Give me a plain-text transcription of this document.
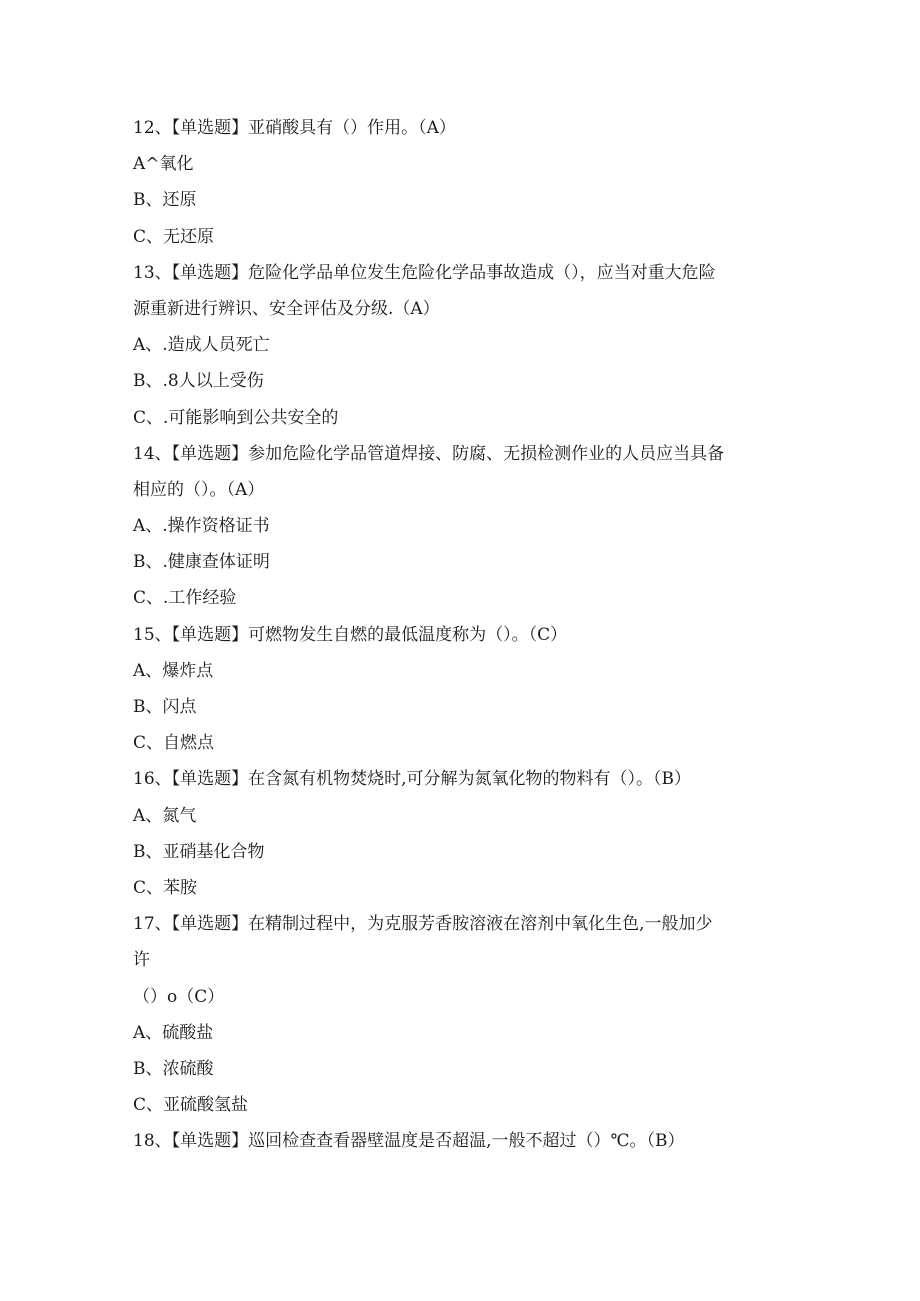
12、【单选题】亚硝酸具有（）作用。（A）
A^氧化
B、还原
C、无还原
13、【单选题】危险化学品单位发生危险化学品事故造成（），应当对重大危险
源重新进行辨识、安全评估及分级.（A）
A、.造成人员死亡
B、.8人以上受伤
C、.可能影响到公共安全的
14、【单选题】参加危险化学品管道焊接、防腐、无损检测作业的人员应当具备
相应的（）。（A）
A、.操作资格证书
B、.健康查体证明
C、.工作经验
15、【单选题】可燃物发生自燃的最低温度称为（）。（C）
A、爆炸点
B、闪点
C、自燃点
16、【单选题】在含氮有机物焚烧时,可分解为氮氧化物的物料有（）。（B）
A、氮气
B、亚硝基化合物
C、苯胺
17、【单选题】在精制过程中，为克服芳香胺溶液在溶剂中氧化生色,一般加少
许
（）o（C）
A、硫酸盐
B、浓硫酸
C、亚硫酸氢盐
18、【单选题】巡回检查查看器壁温度是否超温,一般不超过（）℃。（B）
